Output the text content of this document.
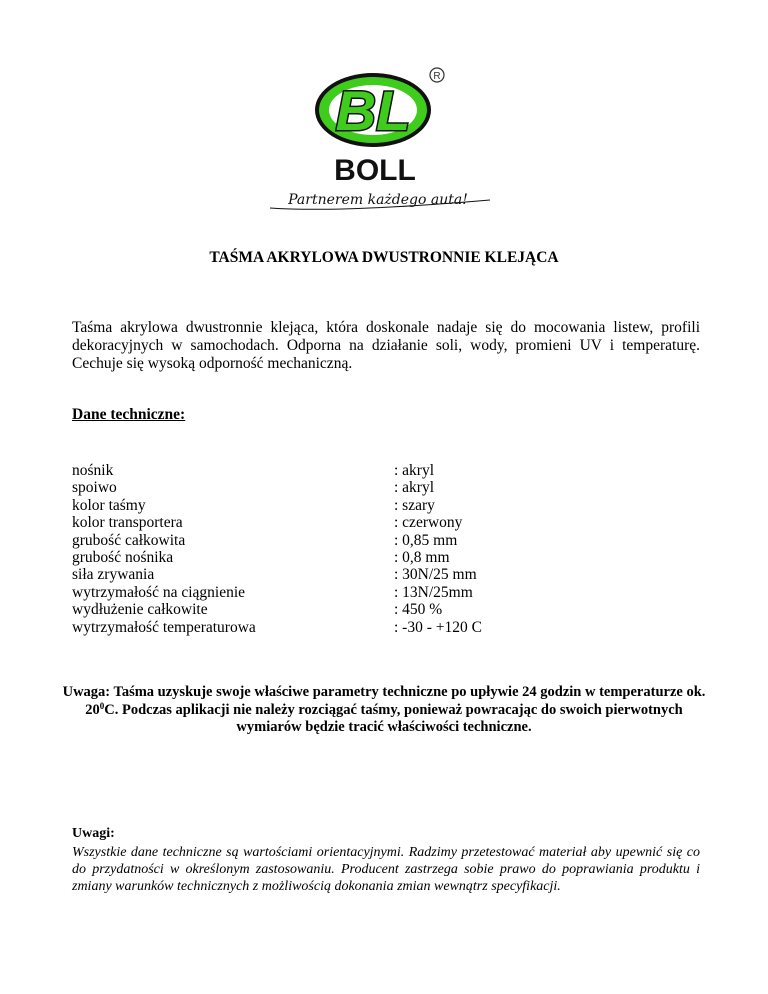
R
BL
BOLL
Partnerem każdego auta!
TAŚMA AKRYLOWA DWUSTRONNIE KLEJĄCA

Taśma akrylowa dwustronnie klejąca, która doskonale nadaje się do mocowania listew, profili dekoracyjnych w samochodach. Odporna na działanie soli, wody, promieni UV i temperaturę. Cechuje się wysoką odporność mechaniczną.

Dane techniczne:
nośnik	: akryl
spoiwo	: akryl
kolor taśmy	: szary
kolor transportera	: czerwony
grubość całkowita	: 0,85 mm
grubość nośnika	: 0,8 mm
siła zrywania	: 30N/25 mm
wytrzymałość na ciągnienie	: 13N/25mm
wydłużenie całkowite	: 450 %
wytrzymałość temperaturowa	: -30 - +120 C

Uwaga: Taśma uzyskuje swoje właściwe parametry techniczne po upływie 24 godzin w temperaturze ok. $20^0C$. Podczas aplikacji nie należy rozciągać taśmy, ponieważ powracając do swoich pierwotnych wymiarów będzie tracić właściwości techniczne.

Uwagi:

Wszystkie dane techniczne są wartościami orientacyjnymi. Radzimy przetestować materiał aby upewnić się co do przydatności w określonym zastosowaniu. Producent zastrzega sobie prawo do poprawiania produktu i zmiany warunków technicznych z możliwością dokonania zmian wewnątrz specyfikacji.
